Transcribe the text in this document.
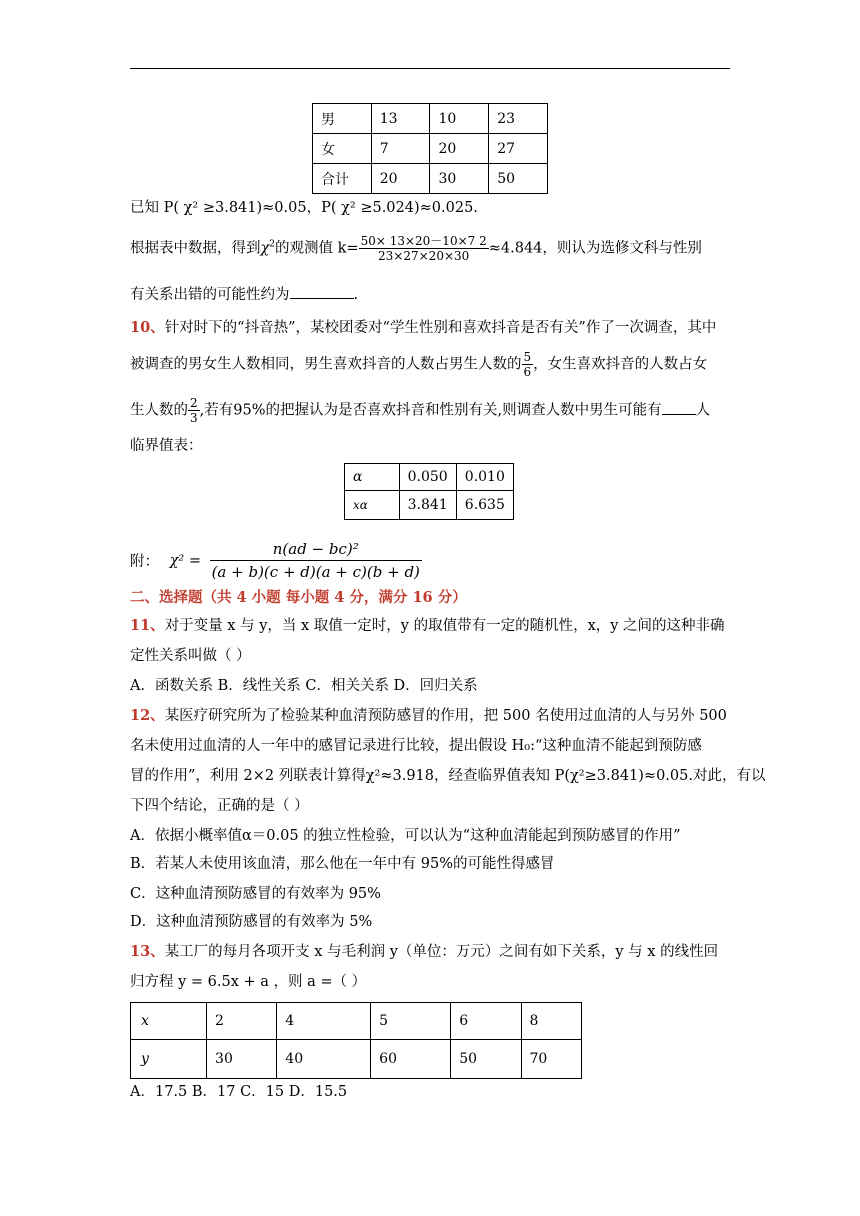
男	13	10	23
女	7	20	27
合计	20	30	50
已知 P( χ² ≥3.841)≈0.05，P( χ² ≥5.024)≈0.025.
根据表中数据，得到$\chi^2$的观测值 $k= \frac{50\times 13\times 20-10\times 7 2}{23\times 27\times 20\times 30} \approx 4.844$，则认为选修文科与性别
有关系出错的可能性约为	.
10、针对时下的“抖音热”，某校团委对“学生性别和喜欢抖音是否有关”作了一次调查，其中
被调查的男女生人数相同，男生喜欢抖音的人数占男生人数的 $\frac{5}{6}$ ，女生喜欢抖音的人数占女
生人数的 $\frac{2}{3}$ ,若有95%的把握认为是否喜欢抖音和性别有关,则调查人数中男生可能有 人
临界值表：
α	0.050	0.010
xα	3.841	6.635
附： $\chi^2 = \frac{\text{n(ad − bc)²}}{(a + b)(c + d)(a + c)(b + d)}$
二、选择题（共 4 小题 每小题 4 分，满分 16 分）
11、对于变量 x 与 y，当 x 取值一定时，y 的取值带有一定的随机性，x，y 之间的这种非确
定性关系叫做（ ）
A．函数关系 B．线性关系 C．相关关系 D．回归关系
12、某医疗研究所为了检验某种血清预防感冒的作用，把 500 名使用过血清的人与另外 500
名未使用过血清的人一年中的感冒记录进行比较，提出假设 H₀:“这种血清不能起到预防感
冒的作用”，利用 2×2 列联表计算得χ²≈3.918，经查临界值表知 P(χ²≥3.841)≈0.05.对此，有以
下四个结论，正确的是（ ）
A．依据小概率值α＝0.05 的独立性检验，可以认为“这种血清能起到预防感冒的作用”
B．若某人未使用该血清，那么他在一年中有 95%的可能性得感冒
C．这种血清预防感冒的有效率为 95%
D．这种血清预防感冒的有效率为 5%
13、某工厂的每月各项开支 x 与毛利润 y（单位：万元）之间有如下关系，y 与 x 的线性回
归方程 y = 6.5x + a ，则 a =（ ）
x	2	4	5	6	8
y	30	40	60	50	70
A．17.5 B．17 C．15 D．15.5
